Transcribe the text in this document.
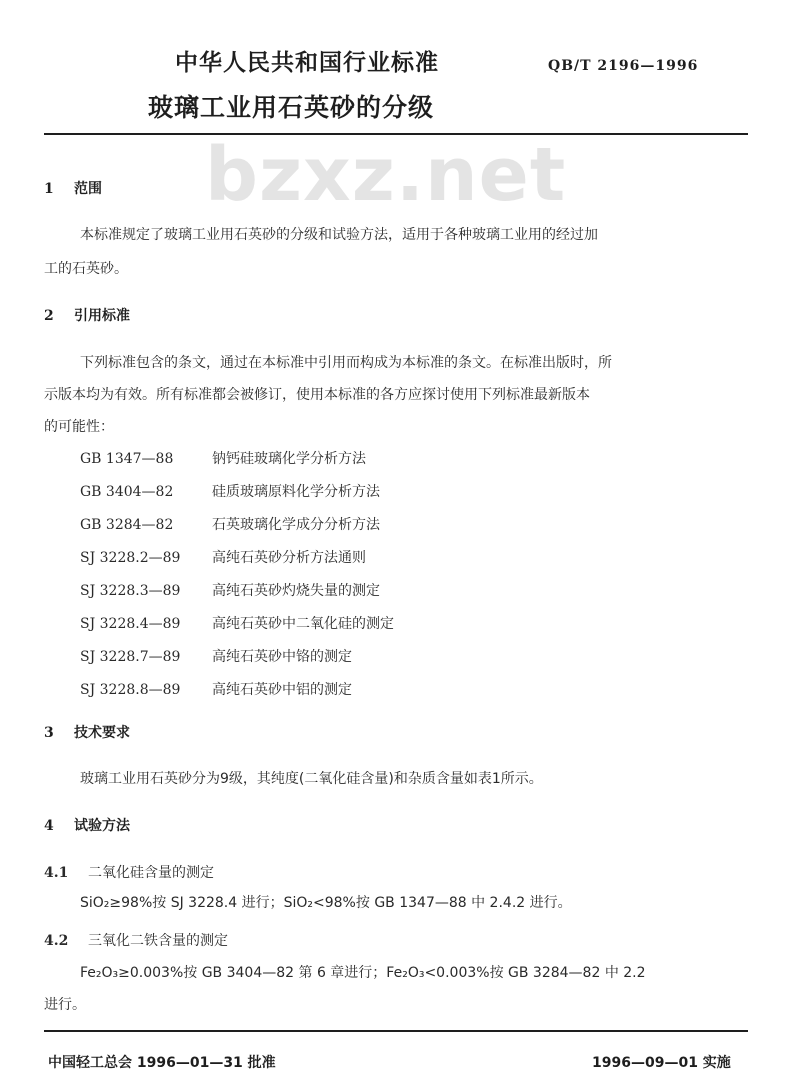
中华人民共和国行业标准
玻璃工业用石英砂的分级
QB/T 2196—1996
bzxz.net
1 范围
本标准规定了玻璃工业用石英砂的分级和试验方法，适用于各种玻璃工业用的经过加
工的石英砂。
2 引用标准
下列标准包含的条文，通过在本标准中引用而构成为本标准的条文。在标准出版时，所
示版本均为有效。所有标准都会被修订，使用本标准的各方应探讨使用下列标准最新版本
的可能性：
GB 1347—88	钠钙硅玻璃化学分析方法
GB 3404—82	硅质玻璃原料化学分析方法
GB 3284—82	石英玻璃化学成分分析方法
SJ 3228.2—89 高纯石英砂分析方法通则
SJ 3228.3—89 高纯石英砂灼烧失量的测定
SJ 3228.4—89 高纯石英砂中二氧化硅的测定
SJ 3228.7—89 高纯石英砂中铬的测定
SJ 3228.8—89 高纯石英砂中铝的测定
3 技术要求
玻璃工业用石英砂分为9级，其纯度(二氧化硅含量)和杂质含量如表1所示。
4 试验方法
4.1 二氧化硅含量的测定
SiO₂≥98%按 SJ 3228.4 进行；SiO₂<98%按 GB 1347—88 中 2.4.2 进行。
4.2 三氧化二铁含量的测定
Fe₂O₃≥0.003%按 GB 3404—82 第 6 章进行；Fe₂O₃<0.003%按 GB 3284—82 中 2.2
进行。
中国轻工总会 1996—01—31 批准	1996—09—01 实施
